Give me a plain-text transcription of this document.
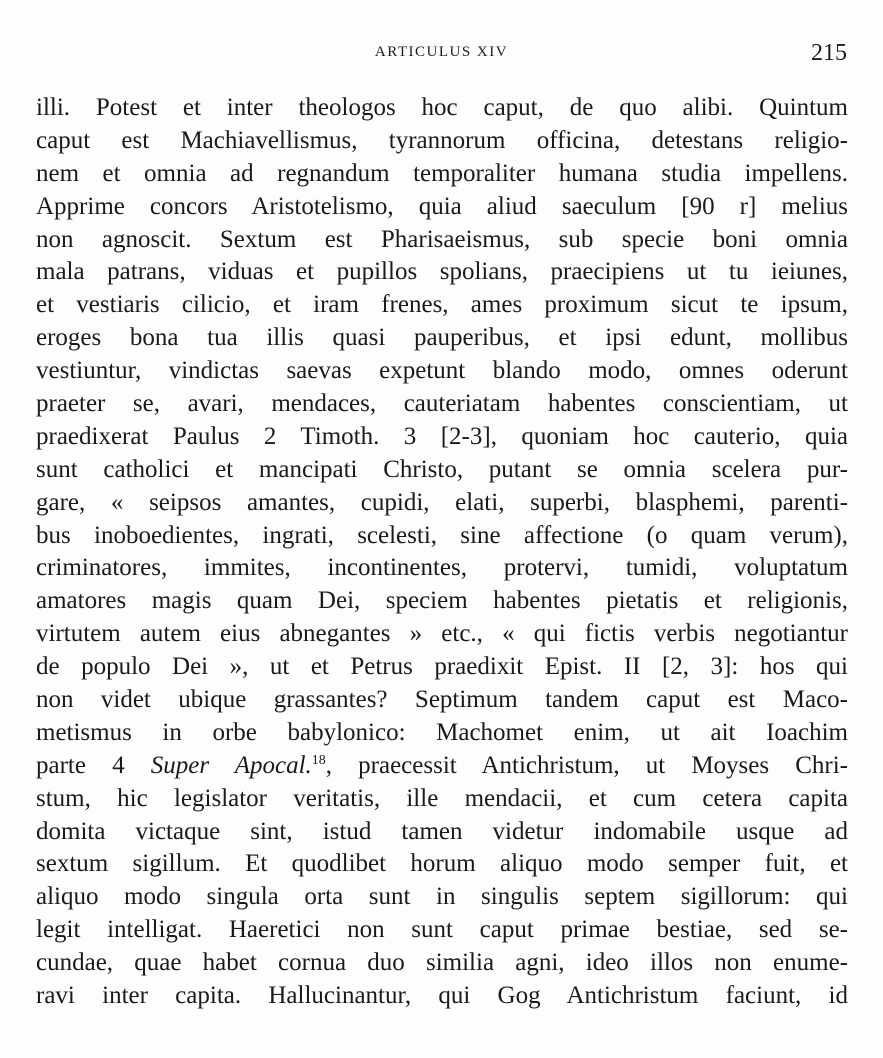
ARTICULUS XIV	215
illi. Potest et inter theologos hoc caput, de quo alibi. Quintum
caput est Machiavellismus, tyrannorum officina, detestans religio-
nem et omnia ad regnandum temporaliter humana studia impellens.
Apprime concors Aristotelismo, quia aliud saeculum [90 r] melius
non agnoscit. Sextum est Pharisaeismus, sub specie boni omnia
mala patrans, viduas et pupillos spolians, praecipiens ut tu ieiunes,
et vestiaris cilicio, et iram frenes, ames proximum sicut te ipsum,
eroges bona tua illis quasi pauperibus, et ipsi edunt, mollibus
vestiuntur, vindictas saevas expetunt blando modo, omnes oderunt
praeter se, avari, mendaces, cauteriatam habentes conscientiam, ut
praedixerat Paulus 2 Timoth. 3 [2-3], quoniam hoc cauterio, quia
sunt catholici et mancipati Christo, putant se omnia scelera pur-
gare, « seipsos amantes, cupidi, elati, superbi, blasphemi, parenti-
bus inoboedientes, ingrati, scelesti, sine affectione (o quam verum),
criminatores, immites, incontinentes, protervi, tumidi, voluptatum
amatores magis quam Dei, speciem habentes pietatis et religionis,
virtutem autem eius abnegantes » etc., « qui fictis verbis negotiantur
de populo Dei », ut et Petrus praedixit Epist. II [2, 3]: hos qui
non videt ubique grassantes? Septimum tandem caput est Maco-
metismus in orbe babylonico: Machomet enim, ut ait Ioachim
parte 4 Super Apocal.$^{18}$, praecessit Antichristum, ut Moyses Chri-
stum, hic legislator veritatis, ille mendacii, et cum cetera capita
domita victaque sint, istud tamen videtur indomabile usque ad
sextum sigillum. Et quodlibet horum aliquo modo semper fuit, et
aliquo modo singula orta sunt in singulis septem sigillorum: qui
legit intelligat. Haeretici non sunt caput primae bestiae, sed se-
cundae, quae habet cornua duo similia agni, ideo illos non enume-
ravi inter capita. Hallucinantur, qui Gog Antichristum faciunt, id
